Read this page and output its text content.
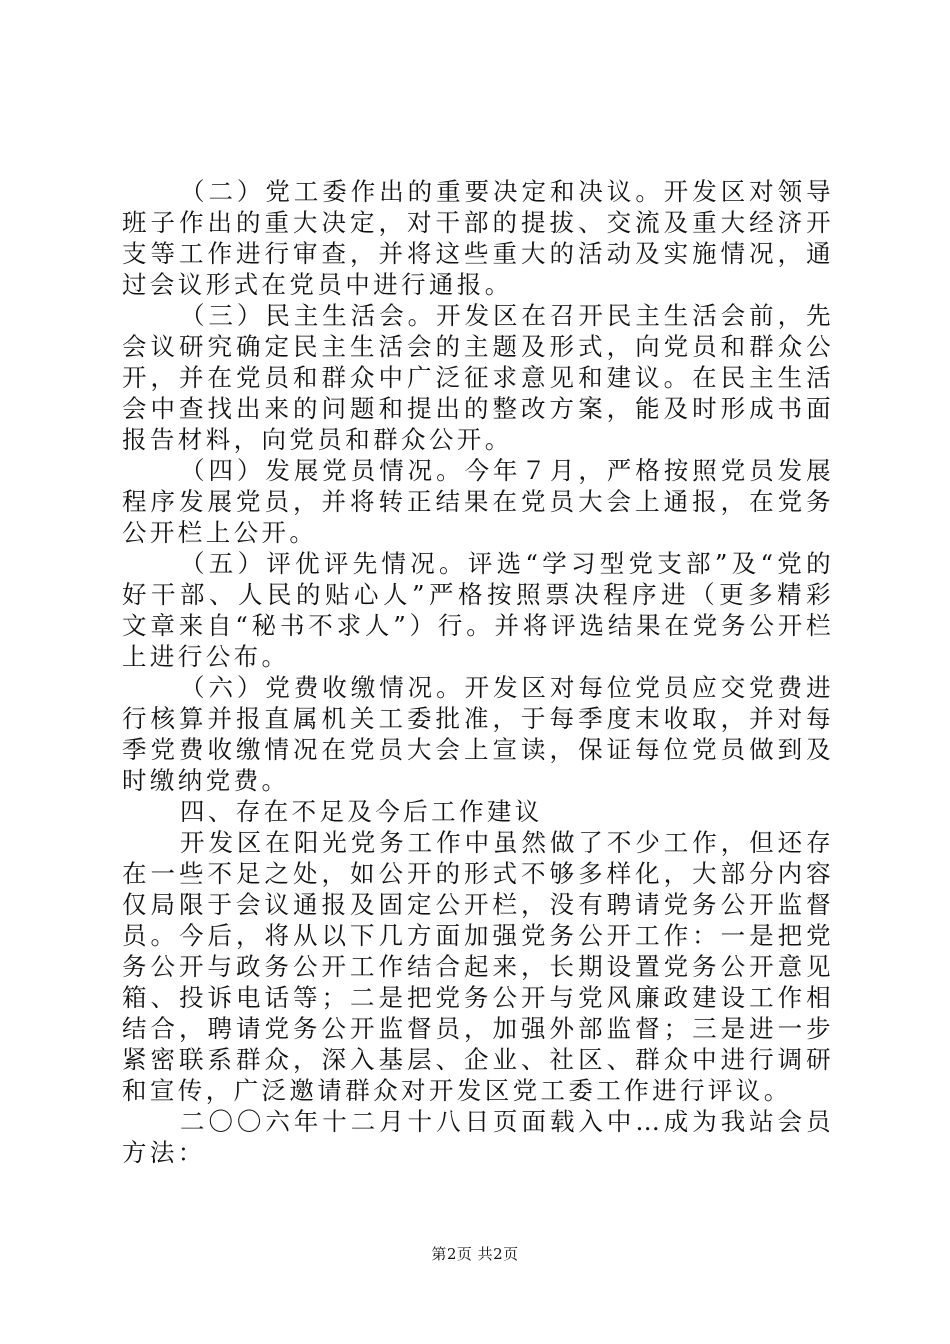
（二）党工委作出的重要决定和决议。开发区对领导班子作出的重大决定，对干部的提拔、交流及重大经济开支等工作进行审查，并将这些重大的活动及实施情况，通过会议形式在党员中进行通报。

（三）民主生活会。开发区在召开民主生活会前，先会议研究确定民主生活会的主题及形式，向党员和群众公开，并在党员和群众中广泛征求意见和建议。在民主生活会中查找出来的问题和提出的整改方案，能及时形成书面报告材料，向党员和群众公开。

（四）发展党员情况。今年７月，严格按照党员发展程序发展党员，并将转正结果在党员大会上通报，在党务公开栏上公开。

（五）评优评先情况。评选“学习型党支部”及“党的好干部、人民的贴心人”严格按照票决程序进（更多精彩文章来自“秘书不求人”）行。并将评选结果在党务公开栏上进行公布。

（六）党费收缴情况。开发区对每位党员应交党费进行核算并报直属机关工委批准，于每季度末收取，并对每季党费收缴情况在党员大会上宣读，保证每位党员做到及时缴纳党费。

四、存在不足及今后工作建议

开发区在阳光党务工作中虽然做了不少工作，但还存在一些不足之处，如公开的形式不够多样化，大部分内容仅局限于会议通报及固定公开栏，没有聘请党务公开监督员。今后，将从以下几方面加强党务公开工作：一是把党务公开与政务公开工作结合起来，长期设置党务公开意见箱、投诉电话等；二是把党务公开与党风廉政建设工作相结合，聘请党务公开监督员，加强外部监督；三是进一步紧密联系群众，深入基层、企业、社区、群众中进行调研和宣传，广泛邀请群众对开发区党工委工作进行评议。

二〇〇六年十二月十八日页面载入中…成为我站会员方法：

第2页 共2页
